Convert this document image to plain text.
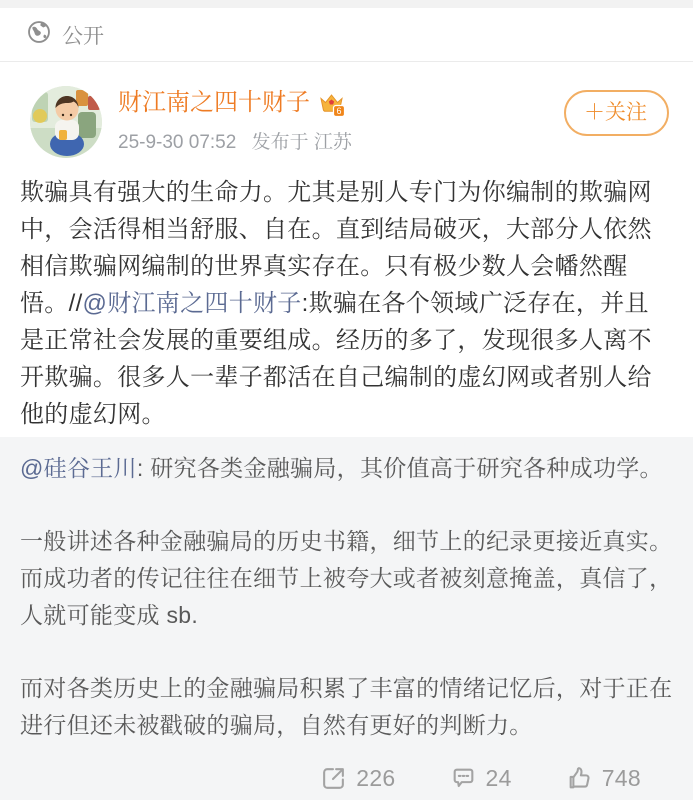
公开
财江南之四十财子	6
25-9-30 07:52 发布于 江苏
＋关注
欺骗具有强大的生命力。尤其是别人专门为你编制的欺骗网中，会活得相当舒服、自在。直到结局破灭，大部分人依然相信欺骗网编制的世界真实存在。只有极少数人会幡然醒悟。//@财江南之四十财子:欺骗在各个领域广泛存在，并且是正常社会发展的重要组成。经历的多了，发现很多人离不开欺骗。很多人一辈子都活在自己编制的虚幻网或者别人给他的虚幻网。

@硅谷王川: 研究各类金融骗局，其价值高于研究各种成功学。

一般讲述各种金融骗局的历史书籍，细节上的纪录更接近真实。而成功者的传记往往在细节上被夸大或者被刻意掩盖，真信了，人就可能变成 sb.

而对各类历史上的金融骗局积累了丰富的情绪记忆后，对于正在进行但还未被戳破的骗局，自然有更好的判断力。

226	24	748
